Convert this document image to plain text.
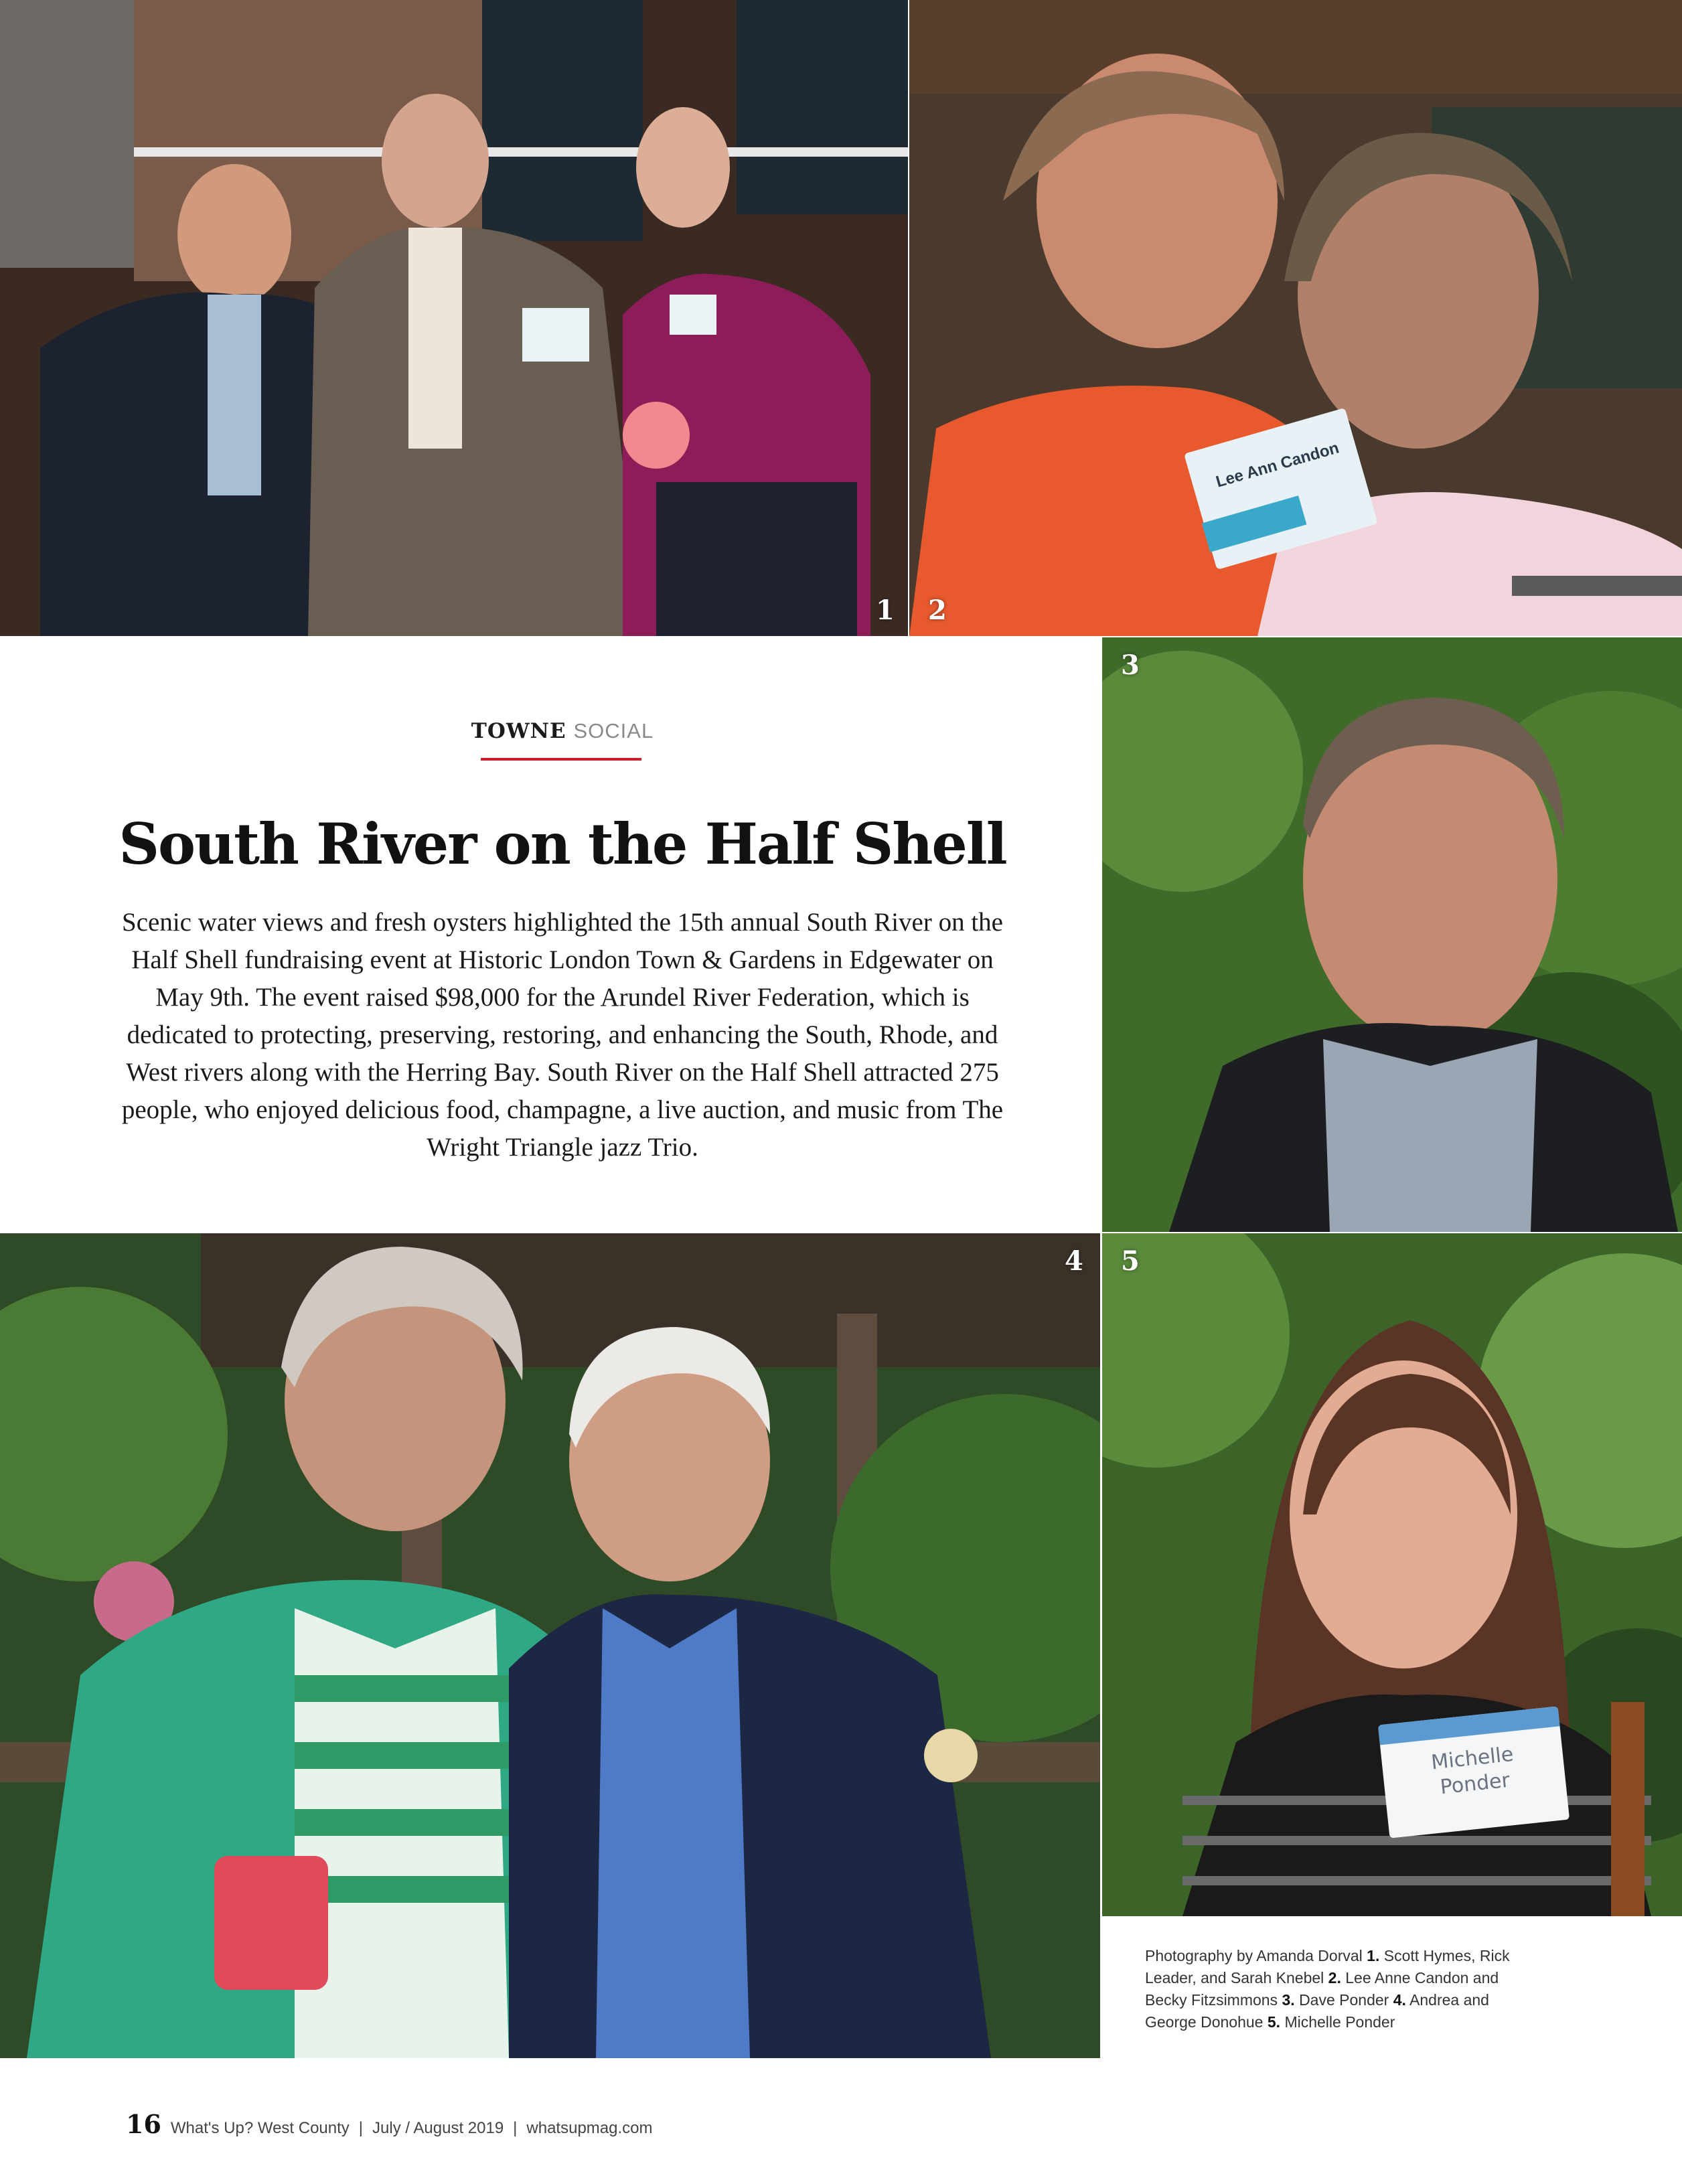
1
Lee Ann Candon
2
3
4
Michelle Ponder
5
TOWNE SOCIAL
South River on the Half Shell

Scenic water views and fresh oysters highlighted the 15th annual South River on the Half Shell fundraising event at Historic London Town & Gardens in Edgewater on May 9th. The event raised $98,000 for the Arundel River Federation, which is dedicated to protecting, preserving, restoring, and enhancing the South, Rhode, and West rivers along with the Herring Bay. South River on the Half Shell attracted 275 people, who enjoyed delicious food, champagne, a live auction, and music from The Wright Triangle jazz Trio.

Photography by Amanda Dorval 1. Scott Hymes, Rick Leader, and Sarah Knebel 2. Lee Anne Candon and Becky Fitzsimmons 3. Dave Ponder 4. Andrea and George Donohue 5. Michelle Ponder
16 What's Up? West County | July / August 2019 | whatsupmag.com
